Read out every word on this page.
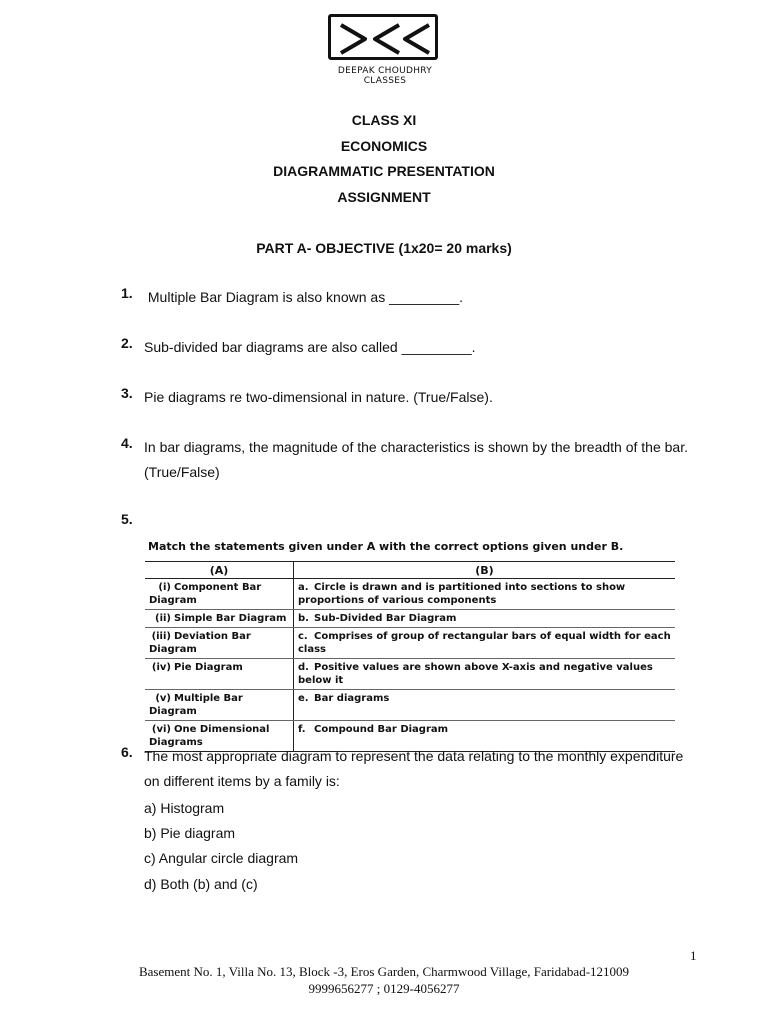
DEEPAK CHOUDHRY CLASSES
CLASS XI
ECONOMICS
DIAGRAMMATIC PRESENTATION
ASSIGNMENT
PART A- OBJECTIVE (1x20= 20 marks)
1. Multiple Bar Diagram is also known as _________.
2. Sub-divided bar diagrams are also called _________.
3. Pie diagrams re two-dimensional in nature. (True/False).
4. In bar diagrams, the magnitude of the characteristics is shown by the breadth of the bar. (True/False)
5.
Match the statements given under A with the correct options given under B.
(A)	(B)
(i) Component Bar Diagram	a. Circle is drawn and is partitioned into sections to show proportions of various components
(ii) Simple Bar Diagram	b. Sub-Divided Bar Diagram
(iii) Deviation Bar Diagram	c. Comprises of group of rectangular bars of equal width for each class
(iv) Pie Diagram	d. Positive values are shown above X-axis and negative values below it
(v) Multiple Bar Diagram	e. Bar diagrams
(vi) One Dimensional Diagrams	f. Compound Bar Diagram
6. The most appropriate diagram to represent the data relating to the monthly expenditure on different items by a family is:
a) Histogram
b) Pie diagram
c) Angular circle diagram
d) Both (b) and (c)
1
Basement No. 1, Villa No. 13, Block -3, Eros Garden, Charmwood Village, Faridabad-121009
9999656277 ; 0129-4056277
